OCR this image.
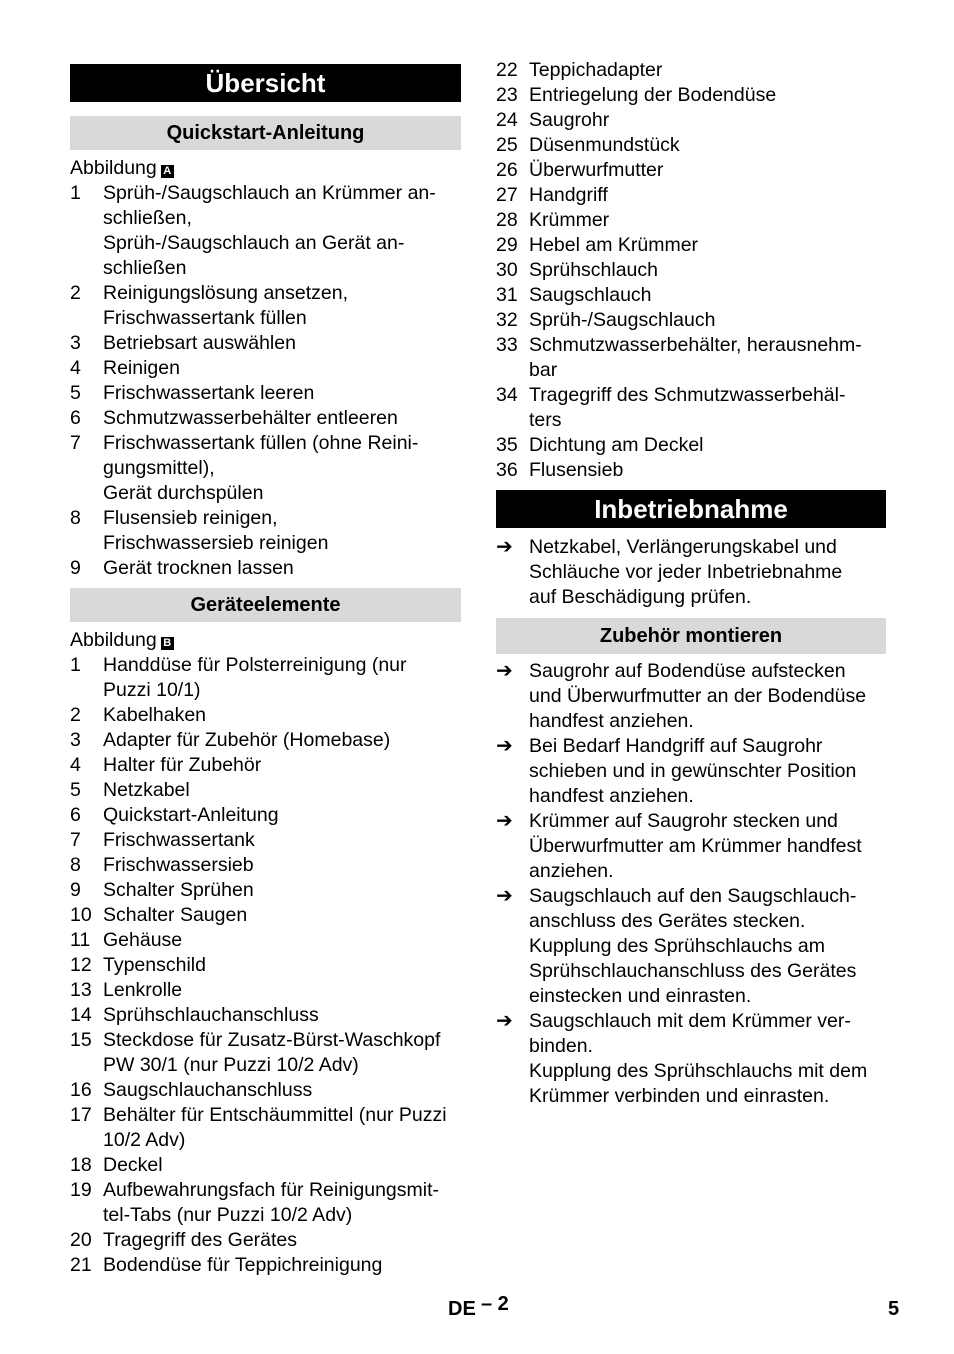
Übersicht
Quickstart-Anleitung
Abbildung A
1	Sprüh-/Saugschlauch an Krümmer an-
schließen,
Sprüh-/Saugschlauch an Gerät an-
schließen
2	Reinigungslösung ansetzen,
Frischwassertank füllen
3	Betriebsart auswählen
4	Reinigen
5	Frischwassertank leeren
6	Schmutzwasserbehälter entleeren
7	Frischwassertank füllen (ohne Reini-
gungsmittel),
Gerät durchspülen
8	Flusensieb reinigen,
Frischwassersieb reinigen
9	Gerät trocknen lassen
Geräteelemente
Abbildung B
1	Handdüse für Polsterreinigung (nur
Puzzi 10/1)
2	Kabelhaken
3	Adapter für Zubehör (Homebase)
4	Halter für Zubehör
5	Netzkabel
6	Quickstart-Anleitung
7	Frischwassertank
8	Frischwassersieb
9	Schalter Sprühen
10 Schalter Saugen
11 Gehäuse
12 Typenschild
13 Lenkrolle
14 Sprühschlauchanschluss
15 Steckdose für Zusatz-Bürst-Waschkopf
PW 30/1 (nur Puzzi 10/2 Adv)
16 Saugschlauchanschluss
17 Behälter für Entschäummittel (nur Puzzi
10/2 Adv)
18 Deckel
19 Aufbewahrungsfach für Reinigungsmit-
tel-Tabs (nur Puzzi 10/2 Adv)
20 Tragegriff des Gerätes
21 Bodendüse für Teppichreinigung
22 Teppichadapter
23 Entriegelung der Bodendüse
24 Saugrohr
25 Düsenmundstück
26 Überwurfmutter
27 Handgriff
28 Krümmer
29 Hebel am Krümmer
30 Sprühschlauch
31 Saugschlauch
32 Sprüh-/Saugschlauch
33 Schmutzwasserbehälter, herausnehm-
bar
34 Tragegriff des Schmutzwasserbehäl-
ters
35 Dichtung am Deckel
36 Flusensieb
Inbetriebnahme
➔ Netzkabel, Verlängerungskabel und
Schläuche vor jeder Inbetriebnahme
auf Beschädigung prüfen.
Zubehör montieren
➔ Saugrohr auf Bodendüse aufstecken
und Überwurfmutter an der Bodendüse
handfest anziehen.
➔ Bei Bedarf Handgriff auf Saugrohr
schieben und in gewünschter Position
handfest anziehen.
➔ Krümmer auf Saugrohr stecken und
Überwurfmutter am Krümmer handfest
anziehen.
➔ Saugschlauch auf den Saugschlauch-
anschluss des Gerätes stecken.
Kupplung des Sprühschlauchs am
Sprühschlauchanschluss des Gerätes
einstecken und einrasten.
➔ Saugschlauch mit dem Krümmer ver-
binden.
Kupplung des Sprühschlauchs mit dem
Krümmer verbinden und einrasten.
DE – 2	5
